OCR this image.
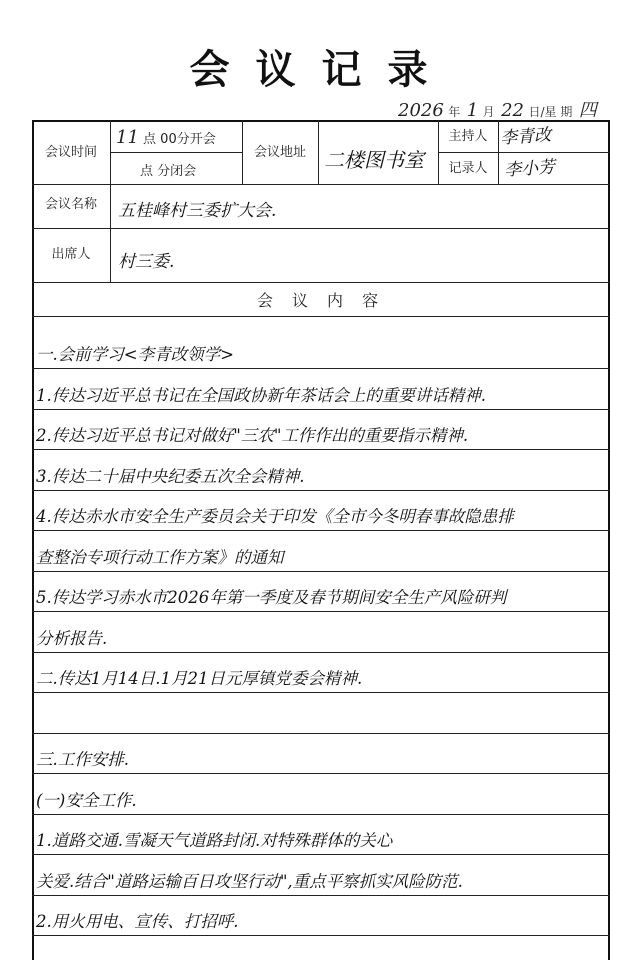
会议记录
2026 年 1 月 22 日/星 期 四
会议时间
11 点 00分开会
点 分闭会
会议地址 二楼图书室
主持人 李青改
记录人 李小芳
会议名称	五桂峰村三委扩大会.
出席人	村三委.
会 议 内 容
一.会前学习<李青改领学>
1.传达习近平总书记在全国政协新年茶话会上的重要讲话精神.
2.传达习近平总书记对做好"三农"工作作出的重要指示精神.
3.传达二十届中央纪委五次全会精神.
4.传达赤水市安全生产委员会关于印发《全市今冬明春事故隐患排
查整治专项行动工作方案》的通知
5.传达学习赤水市2026年第一季度及春节期间安全生产风险研判
分析报告.
二.传达1月14日.1月21日元厚镇党委会精神.
三.工作安排.
(一)安全工作.
1.道路交通.雪凝天气道路封闭.对特殊群体的关心
关爱.结合"道路运输百日攻坚行动",重点平察抓实风险防范.
2.用火用电、宣传、打招呼.
